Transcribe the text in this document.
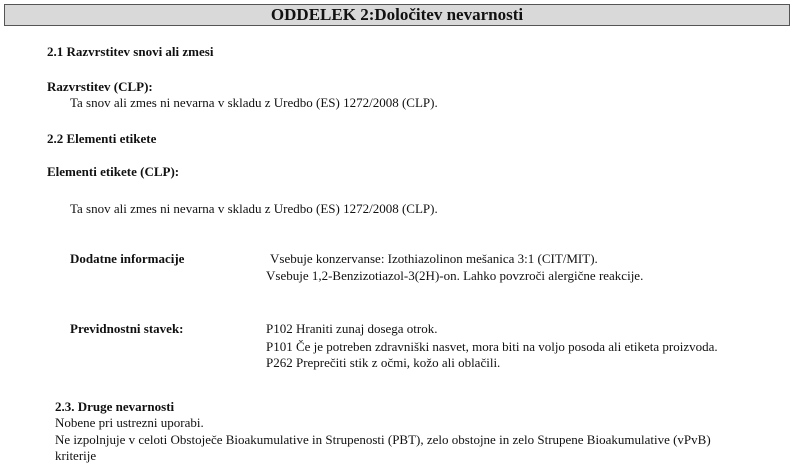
ODDELEK 2:Določitev nevarnosti
2.1 Razvrstitev snovi ali zmesi
Razvrstitev (CLP):
Ta snov ali zmes ni nevarna v skladu z Uredbo (ES) 1272/2008 (CLP).
2.2 Elementi etikete
Elementi etikete (CLP):
Ta snov ali zmes ni nevarna v skladu z Uredbo (ES) 1272/2008 (CLP).
Dodatne informacije	Vsebuje konzervanse: Izothiazolinon mešanica 3:1 (CIT/MIT).
Vsebuje 1,2-Benzizotiazol-3(2H)-on. Lahko povzroči alergične reakcije.
Previdnostni stavek:	P102 Hraniti zunaj dosega otrok.
P101 Če je potreben zdravniški nasvet, mora biti na voljo posoda ali etiketa proizvoda.
P262 Preprečiti stik z očmi, kožo ali oblačili.
2.3. Druge nevarnosti
Nobene pri ustrezni uporabi.
Ne izpolnjuje v celoti Obstoječe Bioakumulative in Strupenosti (PBT), zelo obstojne in zelo Strupene Bioakumulative (vPvB)
kriterije
